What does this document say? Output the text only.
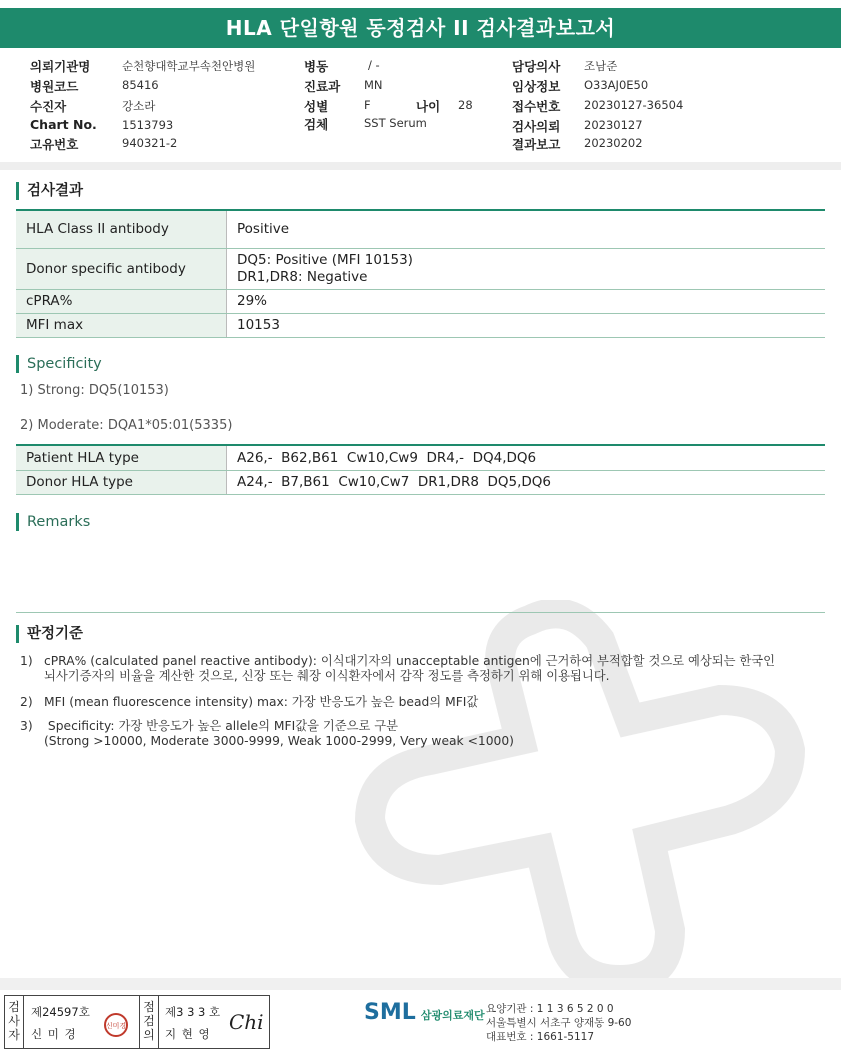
HLA 단일항원 동정검사 II 검사결과보고서
의뢰기관명	순천향대학교부속천안병원
병원코드	85416
수진자	강소라
Chart No. 1513793
고유번호	940321-2
병동	/ -
진료과 MN
성별	F	나이 28
검체	SST Serum
담당의사 조남준
임상정보 O33AJ0E50
접수번호 20230127-36504
검사의뢰 20230127
결과보고 20230202
검사결과
HLA Class II antibody	Positive
Donor specific antibody	DQ5: Positive (MFI 10153)
DR1,DR8: Negative

cPRA%	29%
MFI max	10153
Specificity
1) Strong: DQ5(10153)
2) Moderate: DQA1*05:01(5335)
Patient HLA type	A26,-  B62,B61  Cw10,Cw9  DR4,-  DQ4,DQ6
Donor HLA type	A24,-  B7,B61  Cw10,Cw7  DR1,DR8  DQ5,DQ6
Remarks
판정기준
1) cPRA% (calculated panel reactive antibody): 이식대기자의 unacceptable antigen에 근거하여 부적합할 것으로 예상되는 한국인
뇌사기증자의 비율을 계산한 것으로, 신장 또는 췌장 이식환자에서 감작 정도를 측정하기 위해 이용됩니다.
2) MFI (mean fluorescence intensity) max: 가장 반응도가 높은 bead의 MFI값
3) Specificity: 가장 반응도가 높은 allele의 MFI값을 기준으로 구분
(Strong >10000, Moderate 3000-9999, Weak 1000-2999, Very weak <1000)
검사자
제24597호
신 미 경
신미경
점검의
제3 3 3 호
지 현 영 Chi	SML 삼광의료재단 요양기관 : 1 1 3 6 5 2 0 0
서울특별시 서초구 양재동 9-60
대표번호 : 1661-5117
